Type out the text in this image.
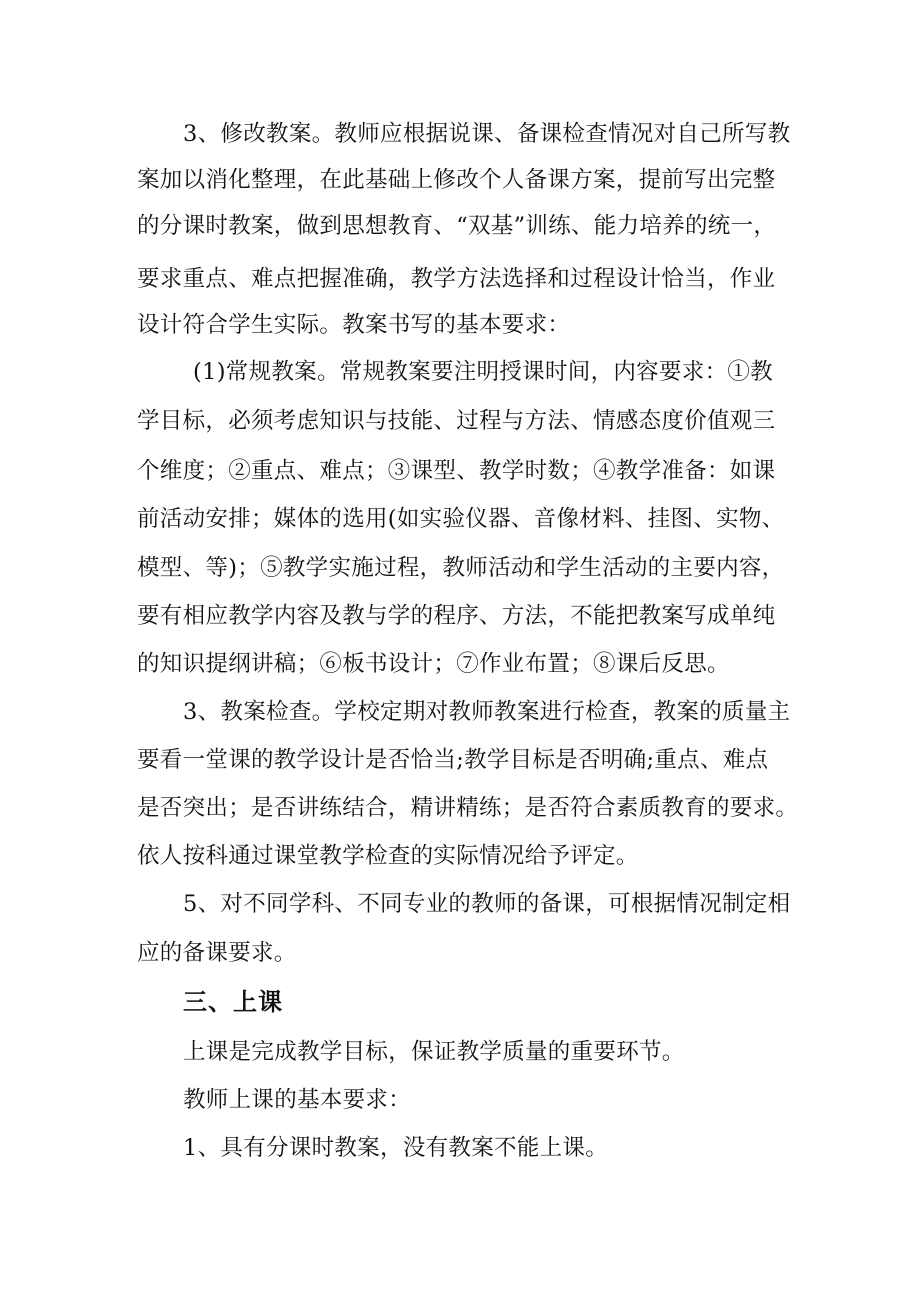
3、修改教案。教师应根据说课、备课检查情况对自己所写教
案加以消化整理，在此基础上修改个人备课方案，提前写出完整
的分课时教案，做到思想教育、“双基”训练、能力培养的统一，
要求重点、难点把握准确，教学方法选择和过程设计恰当，作业
设计符合学生实际。教案书写的基本要求：
(1)常规教案。常规教案要注明授课时间，内容要求：①教
学目标，必须考虑知识与技能、过程与方法、情感态度价值观三
个维度；②重点、难点；③课型、教学时数；④教学准备：如课
前活动安排；媒体的选用(如实验仪器、音像材料、挂图、实物、
模型、等)；⑤教学实施过程，教师活动和学生活动的主要内容，
要有相应教学内容及教与学的程序、方法，不能把教案写成单纯
的知识提纲讲稿；⑥板书设计；⑦作业布置；⑧课后反思。
3、教案检查。学校定期对教师教案进行检查，教案的质量主
要看一堂课的教学设计是否恰当;教学目标是否明确;重点、难点
是否突出；是否讲练结合，精讲精练；是否符合素质教育的要求。
依人按科通过课堂教学检查的实际情况给予评定。
5、对不同学科、不同专业的教师的备课，可根据情况制定相
应的备课要求。
三、上课
上课是完成教学目标，保证教学质量的重要环节。
教师上课的基本要求：
1、具有分课时教案，没有教案不能上课。
